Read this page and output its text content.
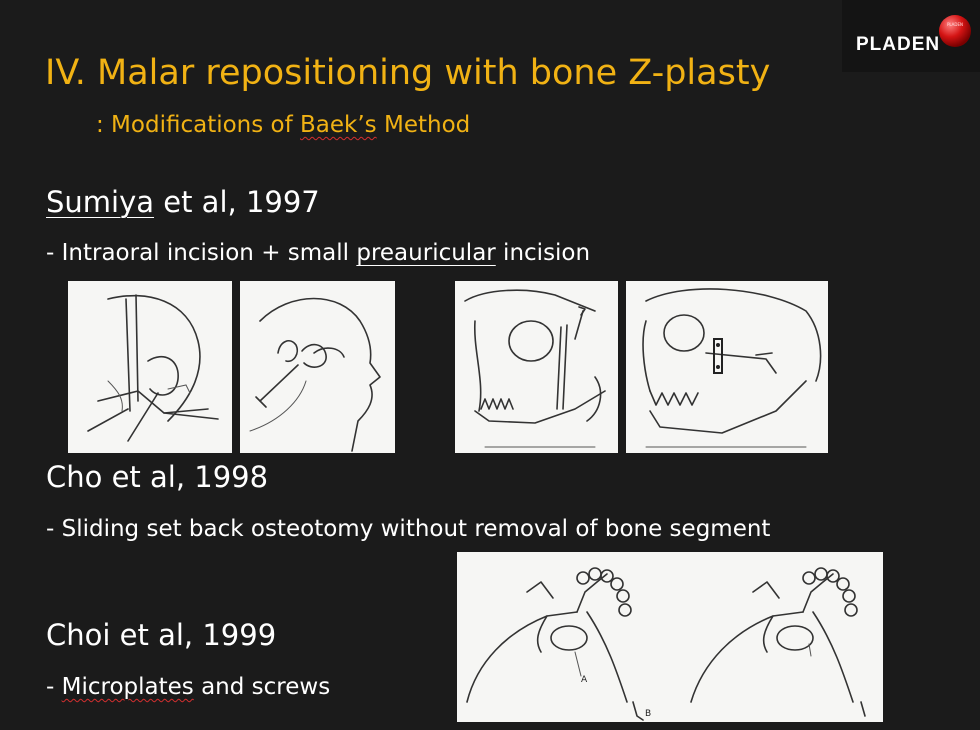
PLADEN
PLADEN
IV. Malar repositioning with bone Z-plasty
: Modifications of Baek’s Method
Sumiya et al, 1997
- Intraoral incision + small preauricular incision
Cho et al, 1998
- Sliding set back osteotomy without removal of bone segment
A
B
Choi et al, 1999
- Microplates and screws
